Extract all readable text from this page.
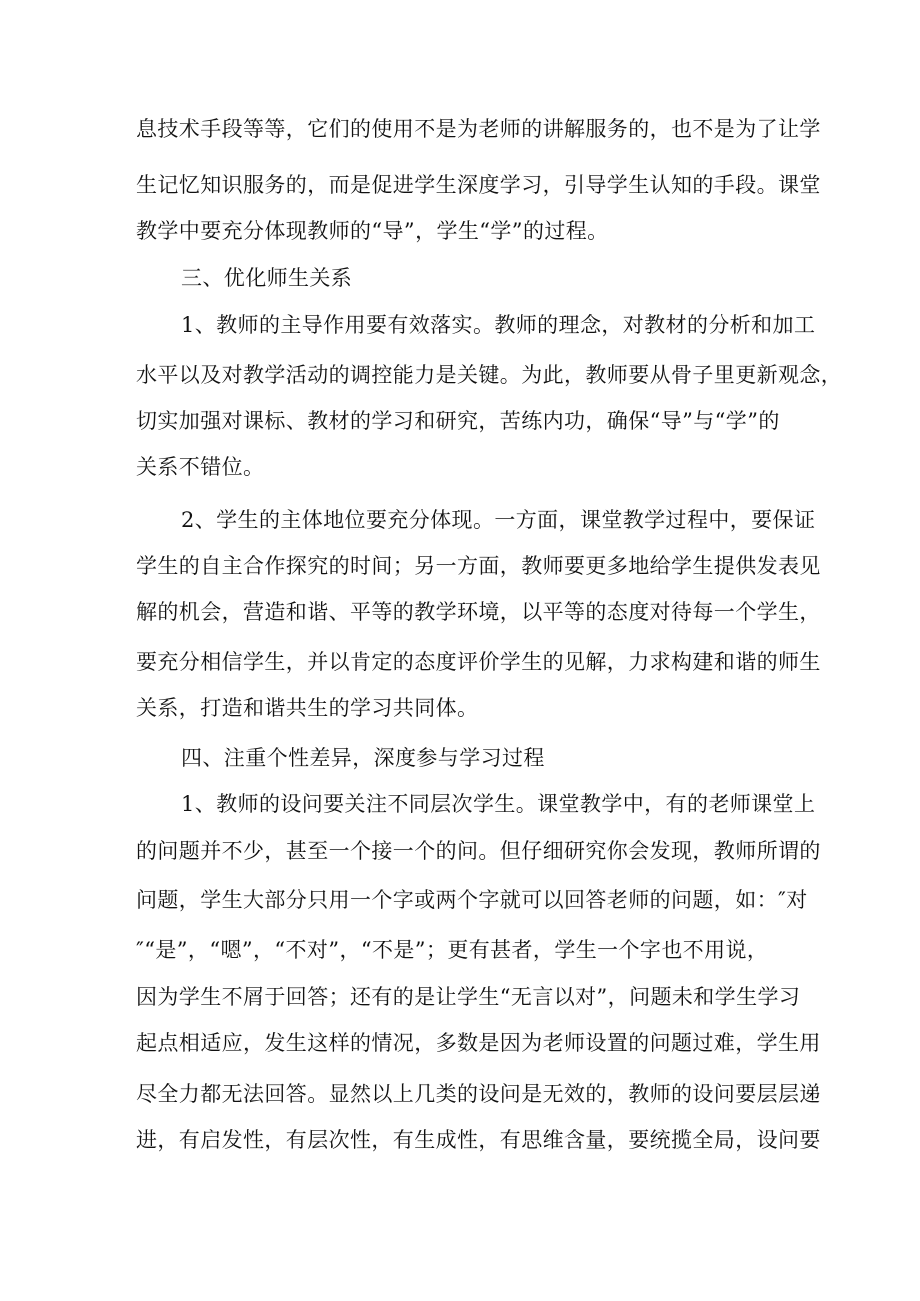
息技术手段等等，它们的使用不是为老师的讲解服务的，也不是为了让学
生记忆知识服务的，而是促进学生深度学习，引导学生认知的手段。课堂
教学中要充分体现教师的“导”，学生“学”的过程。
三、优化师生关系
1、教师的主导作用要有效落实。教师的理念，对教材的分析和加工
水平以及对教学活动的调控能力是关键。为此，教师要从骨子里更新观念，
切实加强对课标、教材的学习和研究，苦练内功，确保“导”与“学”的
关系不错位。
2、学生的主体地位要充分体现。一方面，课堂教学过程中，要保证
学生的自主合作探究的时间；另一方面，教师要更多地给学生提供发表见
解的机会，营造和谐、平等的教学环境，以平等的态度对待每一个学生，
要充分相信学生，并以肯定的态度评价学生的见解，力求构建和谐的师生
关系，打造和谐共生的学习共同体。
四、注重个性差异，深度参与学习过程
1、教师的设问要关注不同层次学生。课堂教学中，有的老师课堂上
的问题并不少，甚至一个接一个的问。但仔细研究你会发现，教师所谓的
问题，学生大部分只用一个字或两个字就可以回答老师的问题，如：″对
″“是”，“嗯”，“不对”，“不是”；更有甚者，学生一个字也不用说，
因为学生不屑于回答；还有的是让学生“无言以对”，问题未和学生学习
起点相适应，发生这样的情况，多数是因为老师设置的问题过难，学生用
尽全力都无法回答。显然以上几类的设问是无效的，教师的设问要层层递
进，有启发性，有层次性，有生成性，有思维含量，要统揽全局，设问要
